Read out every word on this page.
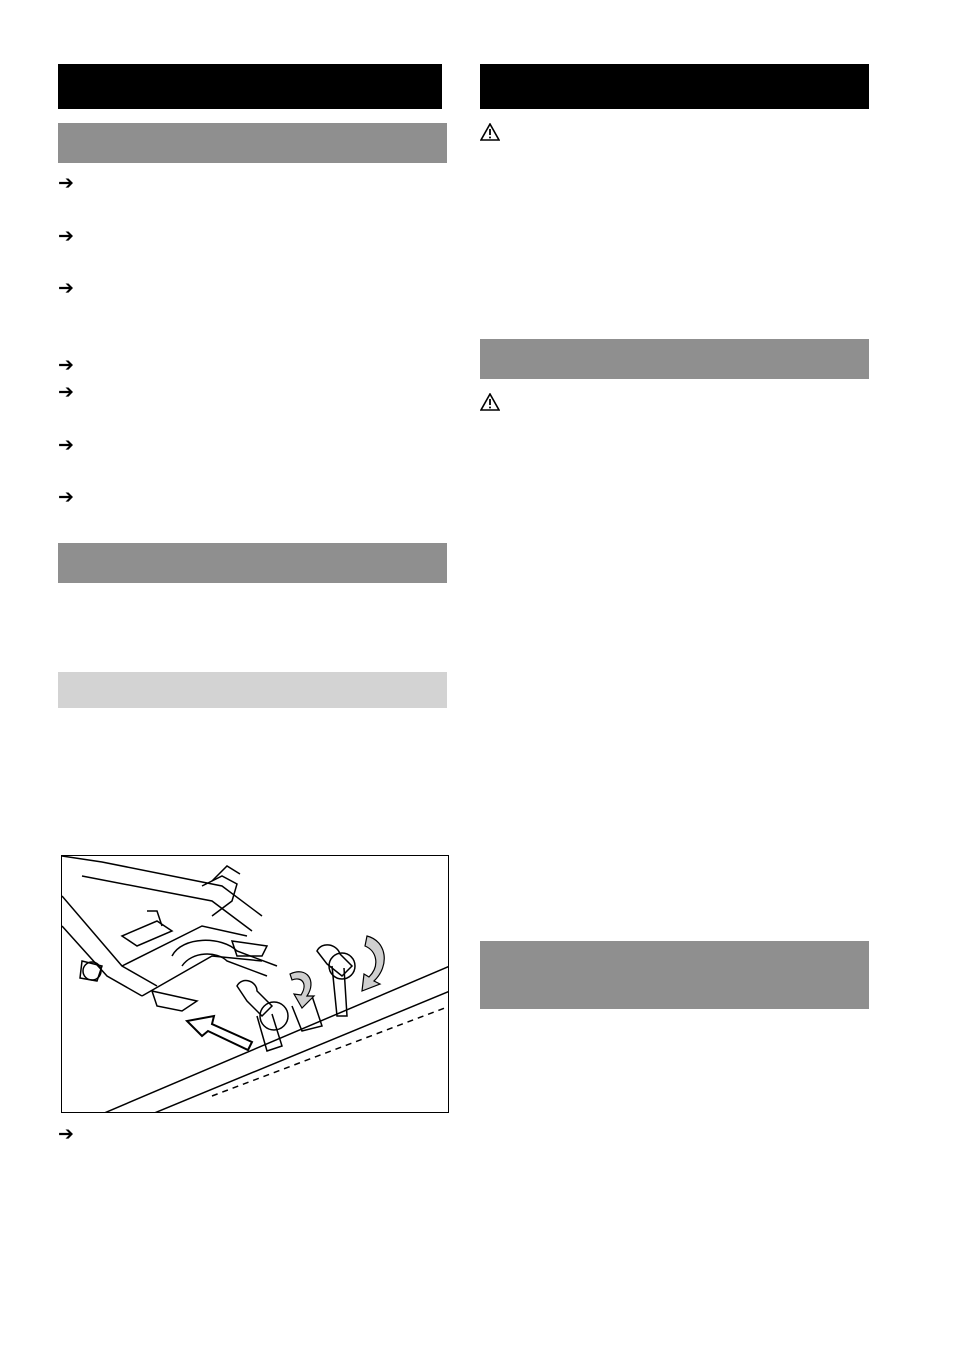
➔
➔
➔
➔
➔
➔
➔
➔
